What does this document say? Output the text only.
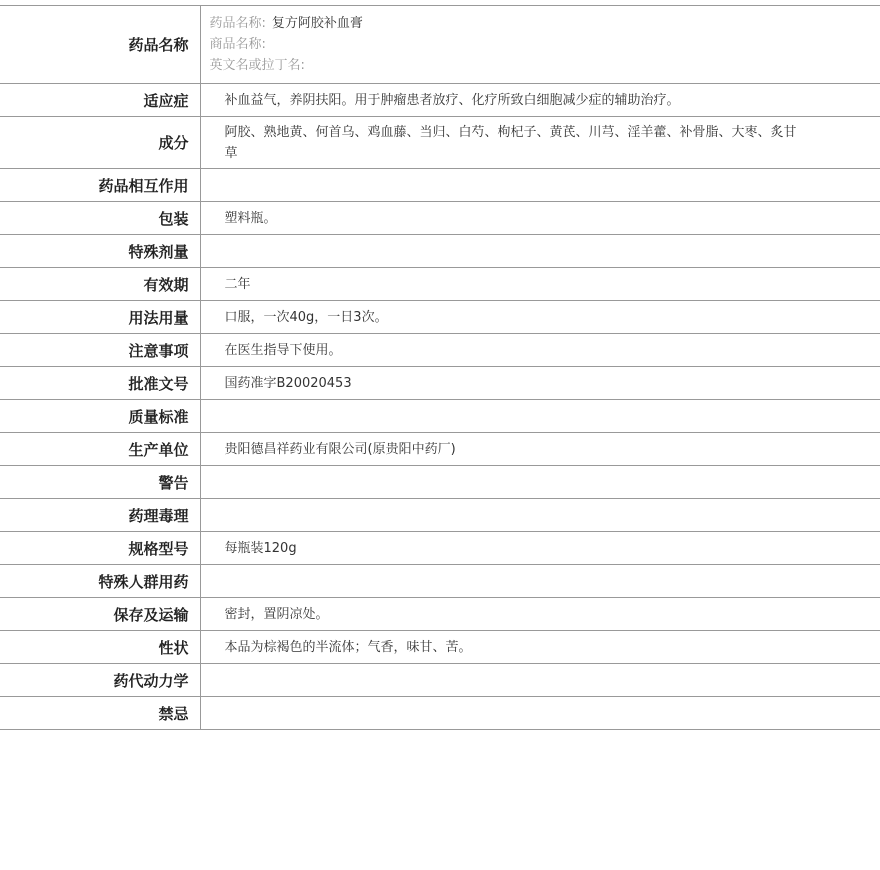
药品名称	药品名称: 复方阿胶补血膏
商品名称:
英文名或拉丁名:

适应症	补血益气，养阴扶阳。用于肿瘤患者放疗、化疗所致白细胞减少症的辅助治疗。

成分	阿胶、熟地黄、何首乌、鸡血藤、当归、白芍、枸杞子、黄芪、川芎、淫羊藿、补骨脂、大枣、炙甘草

药品相互作用	

包装	塑料瓶。

特殊剂量	

有效期	二年

用法用量	口服，一次40g，一日3次。

注意事项	在医生指导下使用。

批准文号	国药准字B20020453

质量标准	

生产单位	贵阳德昌祥药业有限公司(原贵阳中药厂)

警告	

药理毒理	

规格型号	每瓶装120g

特殊人群用药	

保存及运输	密封，置阴凉处。

性状	本品为棕褐色的半流体；气香，味甘、苦。

药代动力学	

禁忌	
